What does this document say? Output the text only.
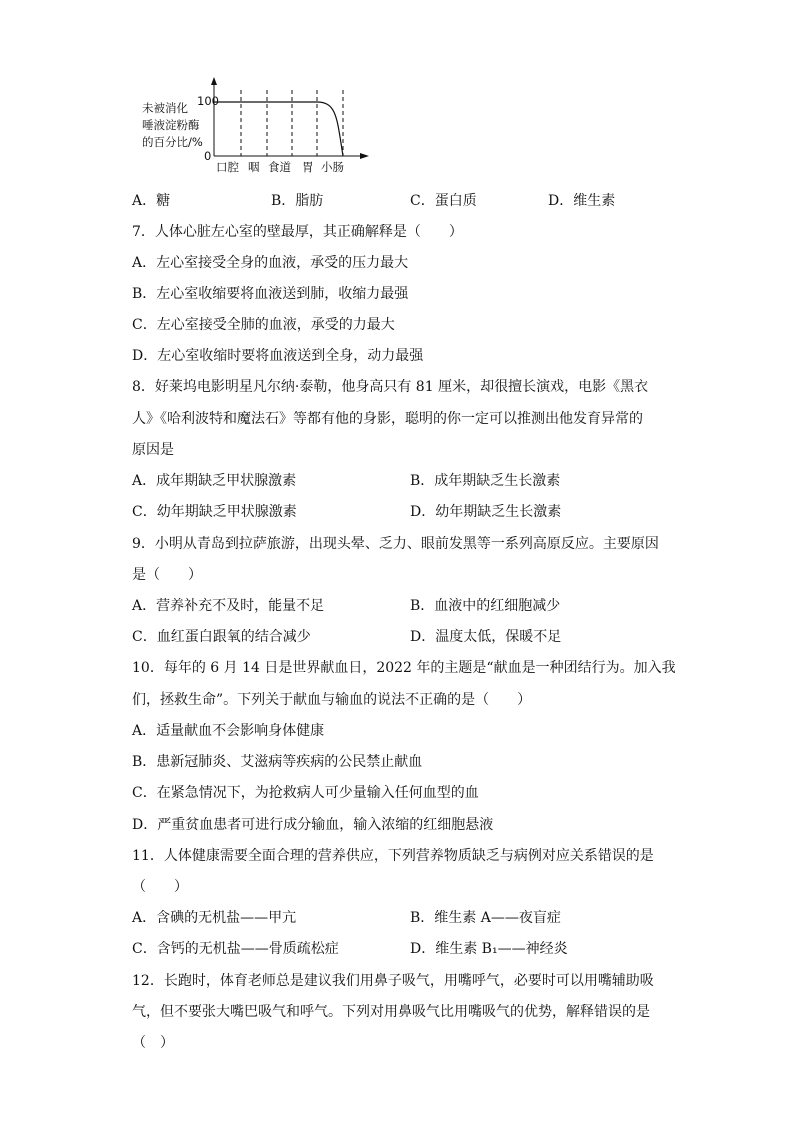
未被消化
唾液淀粉酶
的百分比/%
100
0
口腔 咽 食道 胃 小肠
A．糖	B．脂肪	C．蛋白质	D．维生素
7．人体心脏左心室的壁最厚，其正确解释是（　　）
A．左心室接受全身的血液，承受的压力最大
B．左心室收缩要将血液送到肺，收缩力最强
C．左心室接受全肺的血液，承受的力最大
D．左心室收缩时要将血液送到全身，动力最强
8．好莱坞电影明星凡尔纳·泰勒，他身高只有 81 厘米，却很擅长演戏，电影《黑衣
人》《哈利波特和魔法石》等都有他的身影，聪明的你一定可以推测出他发育异常的
原因是
A．成年期缺乏甲状腺激素	B．成年期缺乏生长激素
C．幼年期缺乏甲状腺激素	D．幼年期缺乏生长激素
9．小明从青岛到拉萨旅游，出现头晕、乏力、眼前发黑等一系列高原反应。主要原因
是（　　）
A．营养补充不及时，能量不足	B．血液中的红细胞减少
C．血红蛋白跟氧的结合减少	D．温度太低，保暖不足
10．每年的 6 月 14 日是世界献血日，2022 年的主题是“献血是一种团结行为。加入我
们，拯救生命”。下列关于献血与输血的说法不正确的是（　　）
A．适量献血不会影响身体健康
B．患新冠肺炎、艾滋病等疾病的公民禁止献血
C．在紧急情况下，为抢救病人可少量输入任何血型的血
D．严重贫血患者可进行成分输血，输入浓缩的红细胞悬液
11．人体健康需要全面合理的营养供应，下列营养物质缺乏与病例对应关系错误的是
（　　）
A．含碘的无机盐——甲亢	B．维生素 A——夜盲症
C．含钙的无机盐——骨质疏松症	D．维生素 B₁——神经炎
12．长跑时，体育老师总是建议我们用鼻子吸气，用嘴呼气，必要时可以用嘴辅助吸
气，但不要张大嘴巴吸气和呼气。下列对用鼻吸气比用嘴吸气的优势，解释错误的是
（　）
